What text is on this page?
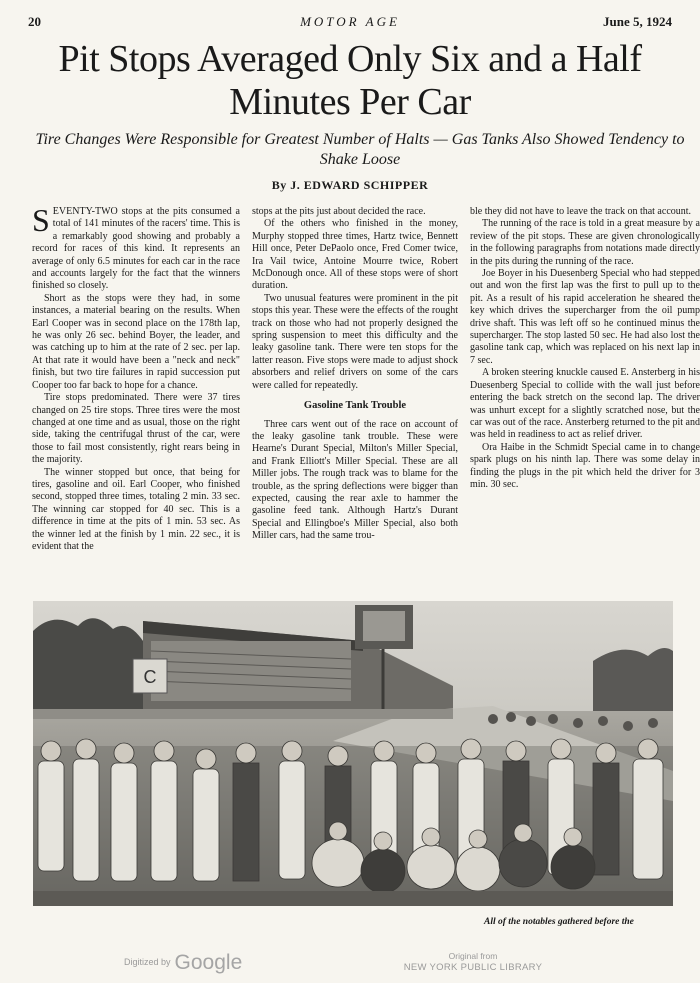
20	MOTOR AGE	June 5, 1924
Pit Stops Averaged Only Six and a Half Minutes Per Car
Tire Changes Were Responsible for Greatest Number of Halts — Gas Tanks Also Showed Tendency to Shake Loose
By J. EDWARD SCHIPPER

SEVENTY-TWO stops at the pits consumed a total of 141 minutes of the racers' time. This is a remarkably good showing and probably a record for races of this kind. It represents an average of only 6.5 minutes for each car in the race and accounts largely for the fact that the winners finished so closely.

Short as the stops were they had, in some instances, a material bearing on the results. When Earl Cooper was in second place on the 178th lap, he was only 26 sec. behind Boyer, the leader, and was catching up to him at the rate of 2 sec. per lap. At that rate it would have been a "neck and neck" finish, but two tire failures in rapid succession put Cooper too far back to hope for a chance.

Tire stops predominated. There were 37 tires changed on 25 tire stops. Three tires were the most changed at one time and as usual, those on the right side, taking the centrifugal thrust of the car, were those to fail most consistently, right rears being in the majority.

The winner stopped but once, that being for tires, gasoline and oil. Earl Cooper, who finished second, stopped three times, totaling 2 min. 33 sec. The winning car stopped for 40 sec. This is a difference in time at the pits of 1 min. 53 sec. As the winner led at the finish by 1 min. 22 sec., it is evident that the

stops at the pits just about decided the race.

Of the others who finished in the money, Murphy stopped three times, Hartz twice, Bennett Hill once, Peter DePaolo once, Fred Comer twice, Ira Vail twice, Antoine Mourre twice, Robert McDonough once. All of these stops were of short duration.

Two unusual features were prominent in the pit stops this year. These were the effects of the rought track on those who had not properly designed the spring suspension to meet this difficulty and the leaky gasoline tank. There were ten stops for the latter reason. Five stops were made to adjust shock absorbers and relief drivers on some of the cars were called for repeatedly.

Gasoline Tank Trouble

Three cars went out of the race on account of the leaky gasoline tank trouble. These were Hearne's Durant Special, Milton's Miller Special, and Frank Elliott's Miller Special. These are all Miller jobs. The rough track was to blame for the trouble, as the spring deflections were bigger than expected, causing the rear axle to hammer the gasoline feed tank. Although Hartz's Durant Special and Ellingboe's Miller Special, also both Miller cars, had the same trou-

ble they did not have to leave the track on that account.

The running of the race is told in a great measure by a review of the pit stops. These are given chronologically in the following paragraphs from notations made directly in the pits during the running of the race.

Joe Boyer in his Duesenberg Special who had stepped out and won the first lap was the first to pull up to the pit. As a result of his rapid acceleration he sheared the key which drives the supercharger from the oil pump drive shaft. This was left off so he continued minus the supercharger. The stop lasted 50 sec. He had also lost the gasoline tank cap, which was replaced on his next lap in 7 sec.

A broken steering knuckle caused E. Ansterberg in his Duesenberg Special to collide with the wall just before entering the back stretch on the second lap. The driver was unhurt except for a slightly scratched nose, but the car was out of the race. Ansterberg returned to the pit and was held in readiness to act as relief driver.

Ora Haibe in the Schmidt Special came in to change spark plugs on his ninth lap. There was some delay in finding the plugs in the pit which held the driver for 3 min. 30 sec.

C
All of the notables gathered before the
Digitized by Google	Original from
NEW YORK PUBLIC LIBRARY
